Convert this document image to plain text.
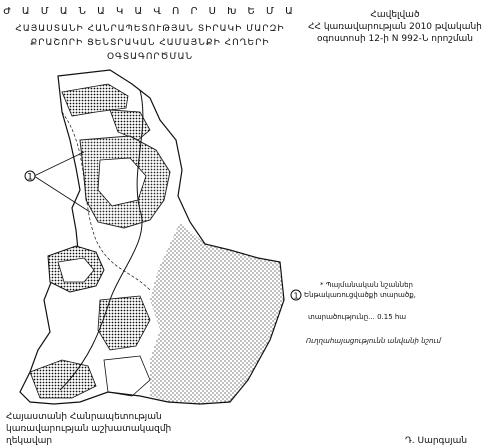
Ժ Ա Մ Ա Ն Ա Կ Ա Վ Ո Ր Ս Խ Ե Մ Ա
ՀԱՅԱՍՏԱՆԻ ՀԱՆՐԱՊԵՏՈՒԹՅԱՆ ՏԻՐԱԿԻ ՄԱՐԶԻ
ՔՐԱՇՈՐԻ ՑԵՆՏՐԱԿԱՆ ՀԱՄԱՅՆՔԻ ՀՈՂԵՐԻ
ՕԳՏԱԳՈՐԾՄԱՆ
Հավելված
ՀՀ կառավարության 2010 թվականի
օգոստոսի 12-ի N 992-Ն որոշման
1
1
* Պայմանական նշաններ
Ենթակառուցվածքի տարածք,
տարածությունը... 0.15 հա
Ուղղահայացությունն անվանի նշում
Հայաստանի Հանրապետության
կառավարության աշխատակազմի
ղեկավար	Դ. Սարգսյան
